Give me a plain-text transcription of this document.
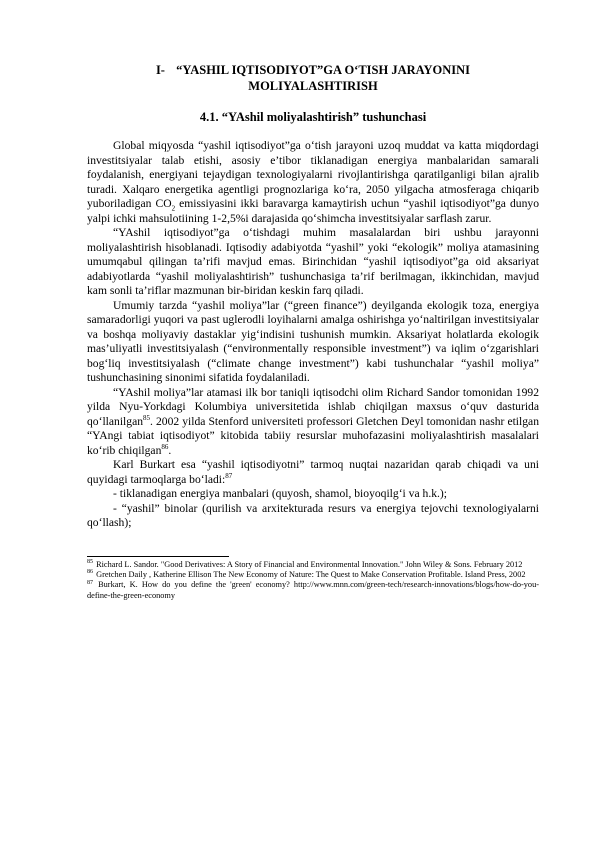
I- “YASHIL IQTISODIYOT”GA O‘TISH JARAYONINI
MOLIYALASHTIRISH

4.1. “YAshil moliyalashtirish” tushunchasi

Global miqyosda “yashil iqtisodiyot”ga o‘tish jarayoni uzoq muddat va katta miqdordagi investitsiyalar talab etishi, asosiy e’tibor tiklanadigan energiya manbalaridan samarali foydalanish, energiyani tejaydigan texnologiyalarni rivojlantirishga qaratilganligi bilan ajralib turadi. Xalqaro energetika agentligi prognozlariga ko‘ra, 2050 yilgacha atmosferaga chiqarib yuboriladigan $CO_2$ emissiyasini ikki baravarga kamaytirish uchun “yashil iqtisodiyot”ga dunyo yalpi ichki mahsulotiining 1-2,5%i darajasida qo‘shimcha investitsiyalar sarflash zarur.

“YAshil iqtisodiyot”ga o‘tishdagi muhim masalalardan biri ushbu jarayonni moliyalashtirish hisoblanadi. Iqtisodiy adabiyotda “yashil” yoki “ekologik” moliya atamasining umumqabul qilingan ta’rifi mavjud emas. Birinchidan “yashil iqtisodiyot”ga oid aksariyat adabiyotlarda “yashil moliyalashtirish” tushunchasiga ta’rif berilmagan, ikkinchidan, mavjud kam sonli ta’riflar mazmunan bir-biridan keskin farq qiladi.

Umumiy tarzda “yashil moliya”lar (“green finance”) deyilganda ekologik toza, energiya samaradorligi yuqori va past uglerodli loyihalarni amalga oshirishga yo‘naltirilgan investitsiyalar va boshqa moliyaviy dastaklar yig‘indisini tushunish mumkin. Aksariyat holatlarda ekologik mas’uliyatli investitsiyalash (“environmentally responsible investment”) va iqlim o‘zgarishlari bog‘liq investitsiyalash (“climate change investment”) kabi tushunchalar “yashil moliya” tushunchasining sinonimi sifatida foydalaniladi.

“YAshil moliya”lar atamasi ilk bor taniqli iqtisodchi olim Richard Sandor tomonidan 1992 yilda Nyu-Yorkdagi Kolumbiya universitetida ishlab chiqilgan maxsus o‘quv dasturida qo‘llanilgan$^{85}$. 2002 yilda Stenford universiteti professori Gletchen Deyl tomonidan nashr etilgan “YAngi tabiat iqtisodiyot” kitobida tabiiy resurslar muhofazasini moliyalashtirish masalalari ko‘rib chiqilgan$^{86}$.

Karl Burkart esa “yashil iqtisodiyotni” tarmoq nuqtai nazaridan qarab chiqadi va uni quyidagi tarmoqlarga bo‘ladi:$^{87}$

- tiklanadigan energiya manbalari (quyosh, shamol, bioyoqilg‘i va h.k.);

- “yashil” binolar (qurilish va arxitekturada resurs va energiya tejovchi texnologiyalarni qo‘llash);

$^{85}$ Richard L. Sandor. "Good Derivatives: A Story of Financial and Environmental Innovation." John Wiley & Sons. February 2012

$^{86}$ Gretchen Daily , Katherine Ellison The New Economy of Nature: The Quest to Make Conservation Profitable. Island Press, 2002

$^{87}$ Burkart, K. How do you define the 'green' economy? http://www.mnn.com/green-tech/research-innovations/blogs/how-do-you-define-the-green-economy
